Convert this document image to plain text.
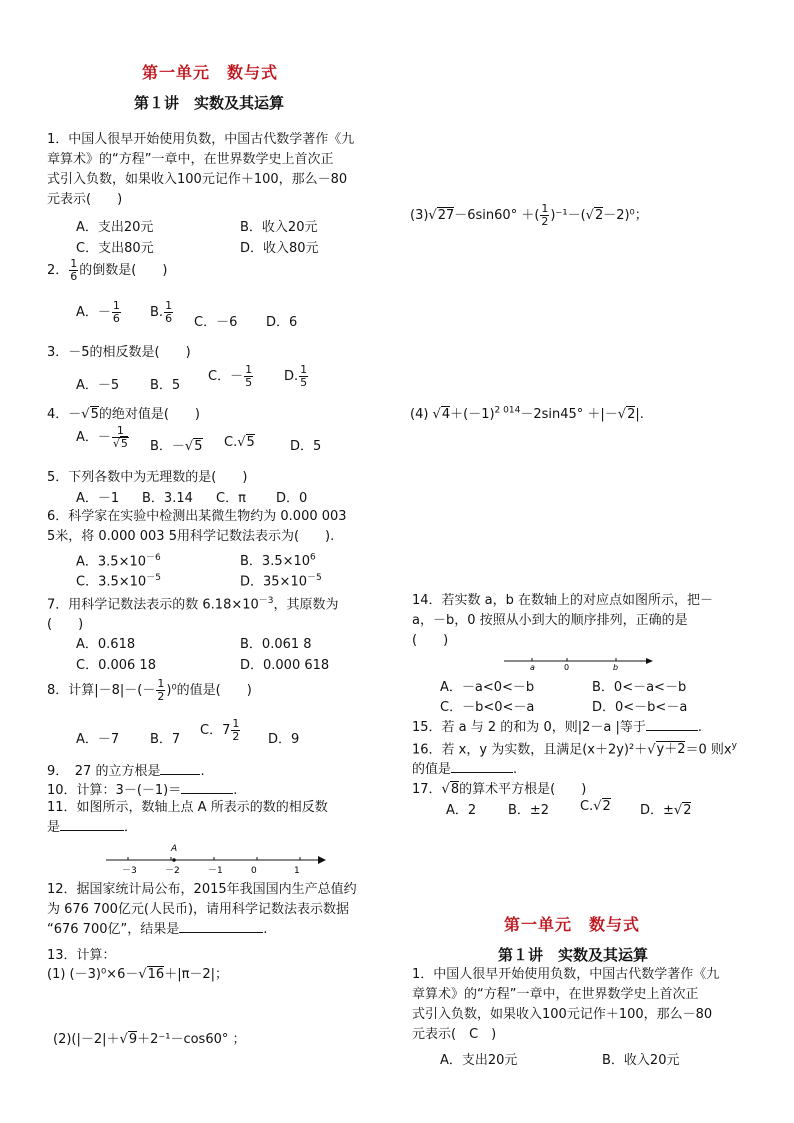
第一单元　数与式
第１讲　实数及其运算
1．中国人很早开始使用负数，中国古代数学著作《九
章算术》的“方程”一章中，在世界数学史上首次正
式引入负数，如果收入100元记作＋100，那么－80
元表示(　　)
A．支出20元	B．收入20元
C．支出80元	D．收入80元
2． $\frac{1}{6}$ 的倒数是(　　)
A．－ $\frac{1}{6} B$. $\frac{1}{6}$ C．－6 D．6
3．－5的相反数是(　　)
A．－5 B．5
C．－ $\frac{1}{5} D$. $\frac{1}{5}$
4．－√5的绝对值是(　　)
A．－ $\frac{1}{√5}$ B．－√5 C.√5	D．5
5．下列各数中为无理数的是(　　)
A．－1 B．3.14 C．π D．0
6．科学家在实验中检测出某微生物约为 0.000 003
5米，将 0.000 003 5用科学记数法表示为(　　).
A．$3.5\times 10^{-6}$	B．$3.5\times 10^6$
C．$3.5\times 10^{-5}$	D．$35\times 10^{-5}$
7．用科学记数法表示的数 $6.18\times 10^{-3}$，其原数为
(　　)
A．0.618	B．0.061 8
C．0.006 18	D．0.000 618
8．计算$|-8|-(- \frac{1}{2} )^0$的值是(　　)
A．－7 B．7
C．$7 \frac{1}{2}$ D．9
9．　27 的立方根是	.
10．计算：3－(－1)＝	.
11．如图所示，数轴上点 A 所表示的数的相反数
是	．
－3	－2	－1	0	1
A
12．据国家统计局公布，2015年我国国内生产总值约
为 676 700亿元(人民币)，请用科学记数法表示数据
“676 700亿”，结果是	.
13．计算：
(1) (－3)⁰×6－√16＋|π－2|；
(2)(|－2|＋√9＋2⁻¹－cos60° ；
(3)√27－6sin60° ＋( $\frac{1}{2} )^{-1}-(√2-2)^0$；
(4) $√4+(-1)^{2 014}-2\sin 45^\circ +|-√2|$.
14．若实数 a，b 在数轴上的对应点如图所示，把－
a，－b，0 按照从小到大的顺序排列，正确的是
(　　)
a	0	b
A．－a<0<－b	B．0<－a<－b
C．－b<0<－a	D．0<－b<－a
15．若 a 与 2 的和为 0，则|2－a |等于	.
16．若 x，y 为实数，且满足(x＋2y)²＋√y＋2＝0 则$x^y$
的值是	.
17．√8的算术平方根是(　　)
A．2 B．±2 C.√2 D．±√2
第一单元　数与式
第１讲　实数及其运算
1．中国人很早开始使用负数，中国古代数学著作《九
章算术》的“方程”一章中，在世界数学史上首次正
式引入负数，如果收入100元记作＋100，那么－80
元表示(　C　)
A．支出20元	B．收入20元
